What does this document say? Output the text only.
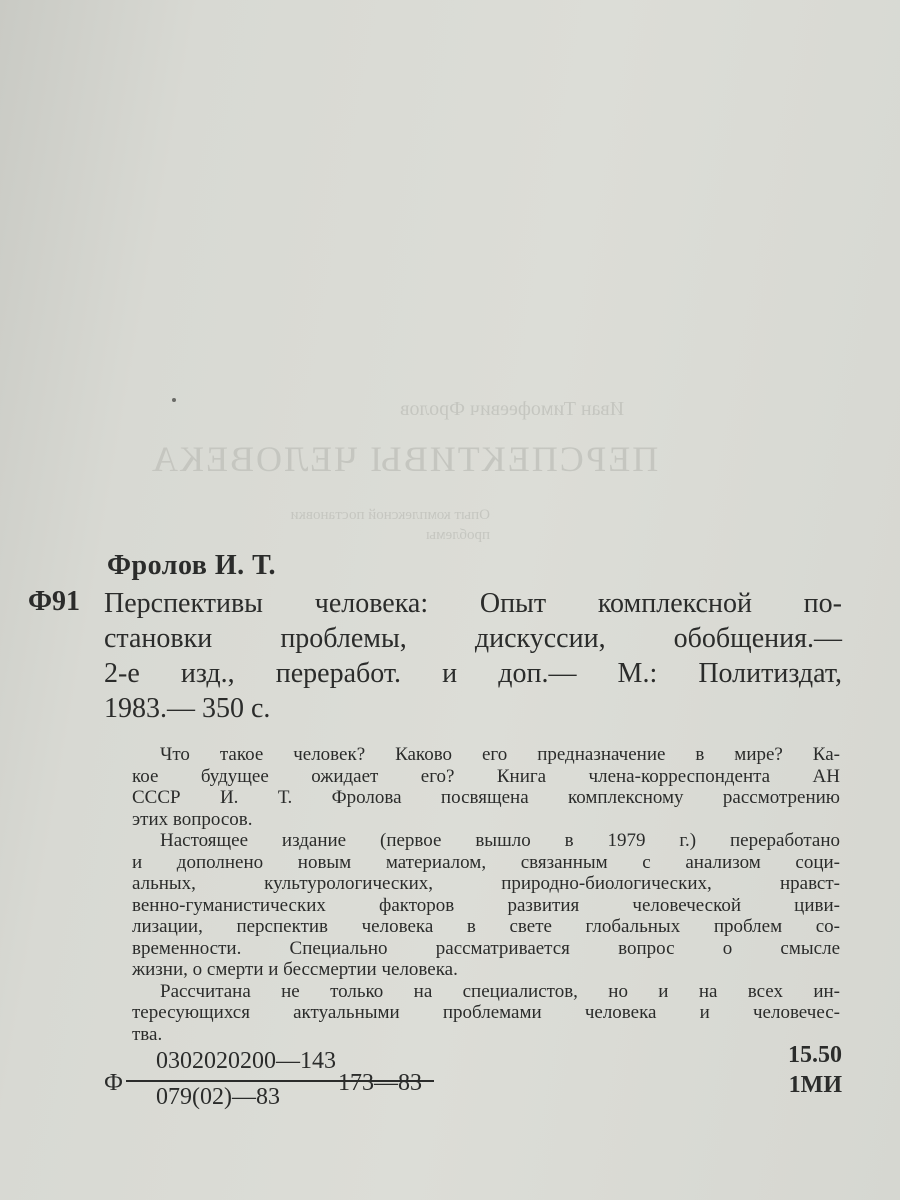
Иван Тимофеевич Фролов
ПЕРСПЕКТИВЫ ЧЕЛОВЕКА
Опыт комплексной постановки проблемы
Фролов И. Т.
Ф91 Перспективы человека: Опыт комплексной по-
становки проблемы, дискуссии, обобщения.—
2-е изд., переработ. и доп.— М.: Политиздат,
1983.— 350 с.
Что такое человек? Каково его предназначение в мире? Ка-
кое будущее ожидает его? Книга члена-корреспондента АН
СССР И. Т. Фролова посвящена комплексному рассмотрению
этих вопросов.
Настоящее издание (первое вышло в 1979 г.) переработано
и дополнено новым материалом, связанным с анализом соци-
альных, культурологических, природно-биологических, нравст-
венно-гуманистических факторов развития человеческой циви-
лизации, перспектив человека в свете глобальных проблем со-
временности. Специально рассматривается вопрос о смысле
жизни, о смерти и бессмертии человека.
Рассчитана не только на специалистов, но и на всех ин-
тересующихся актуальными проблемами человека и человечес-
тва.
Ф
0302020200—143
079(02)—83
173—83
15.50
1МИ
